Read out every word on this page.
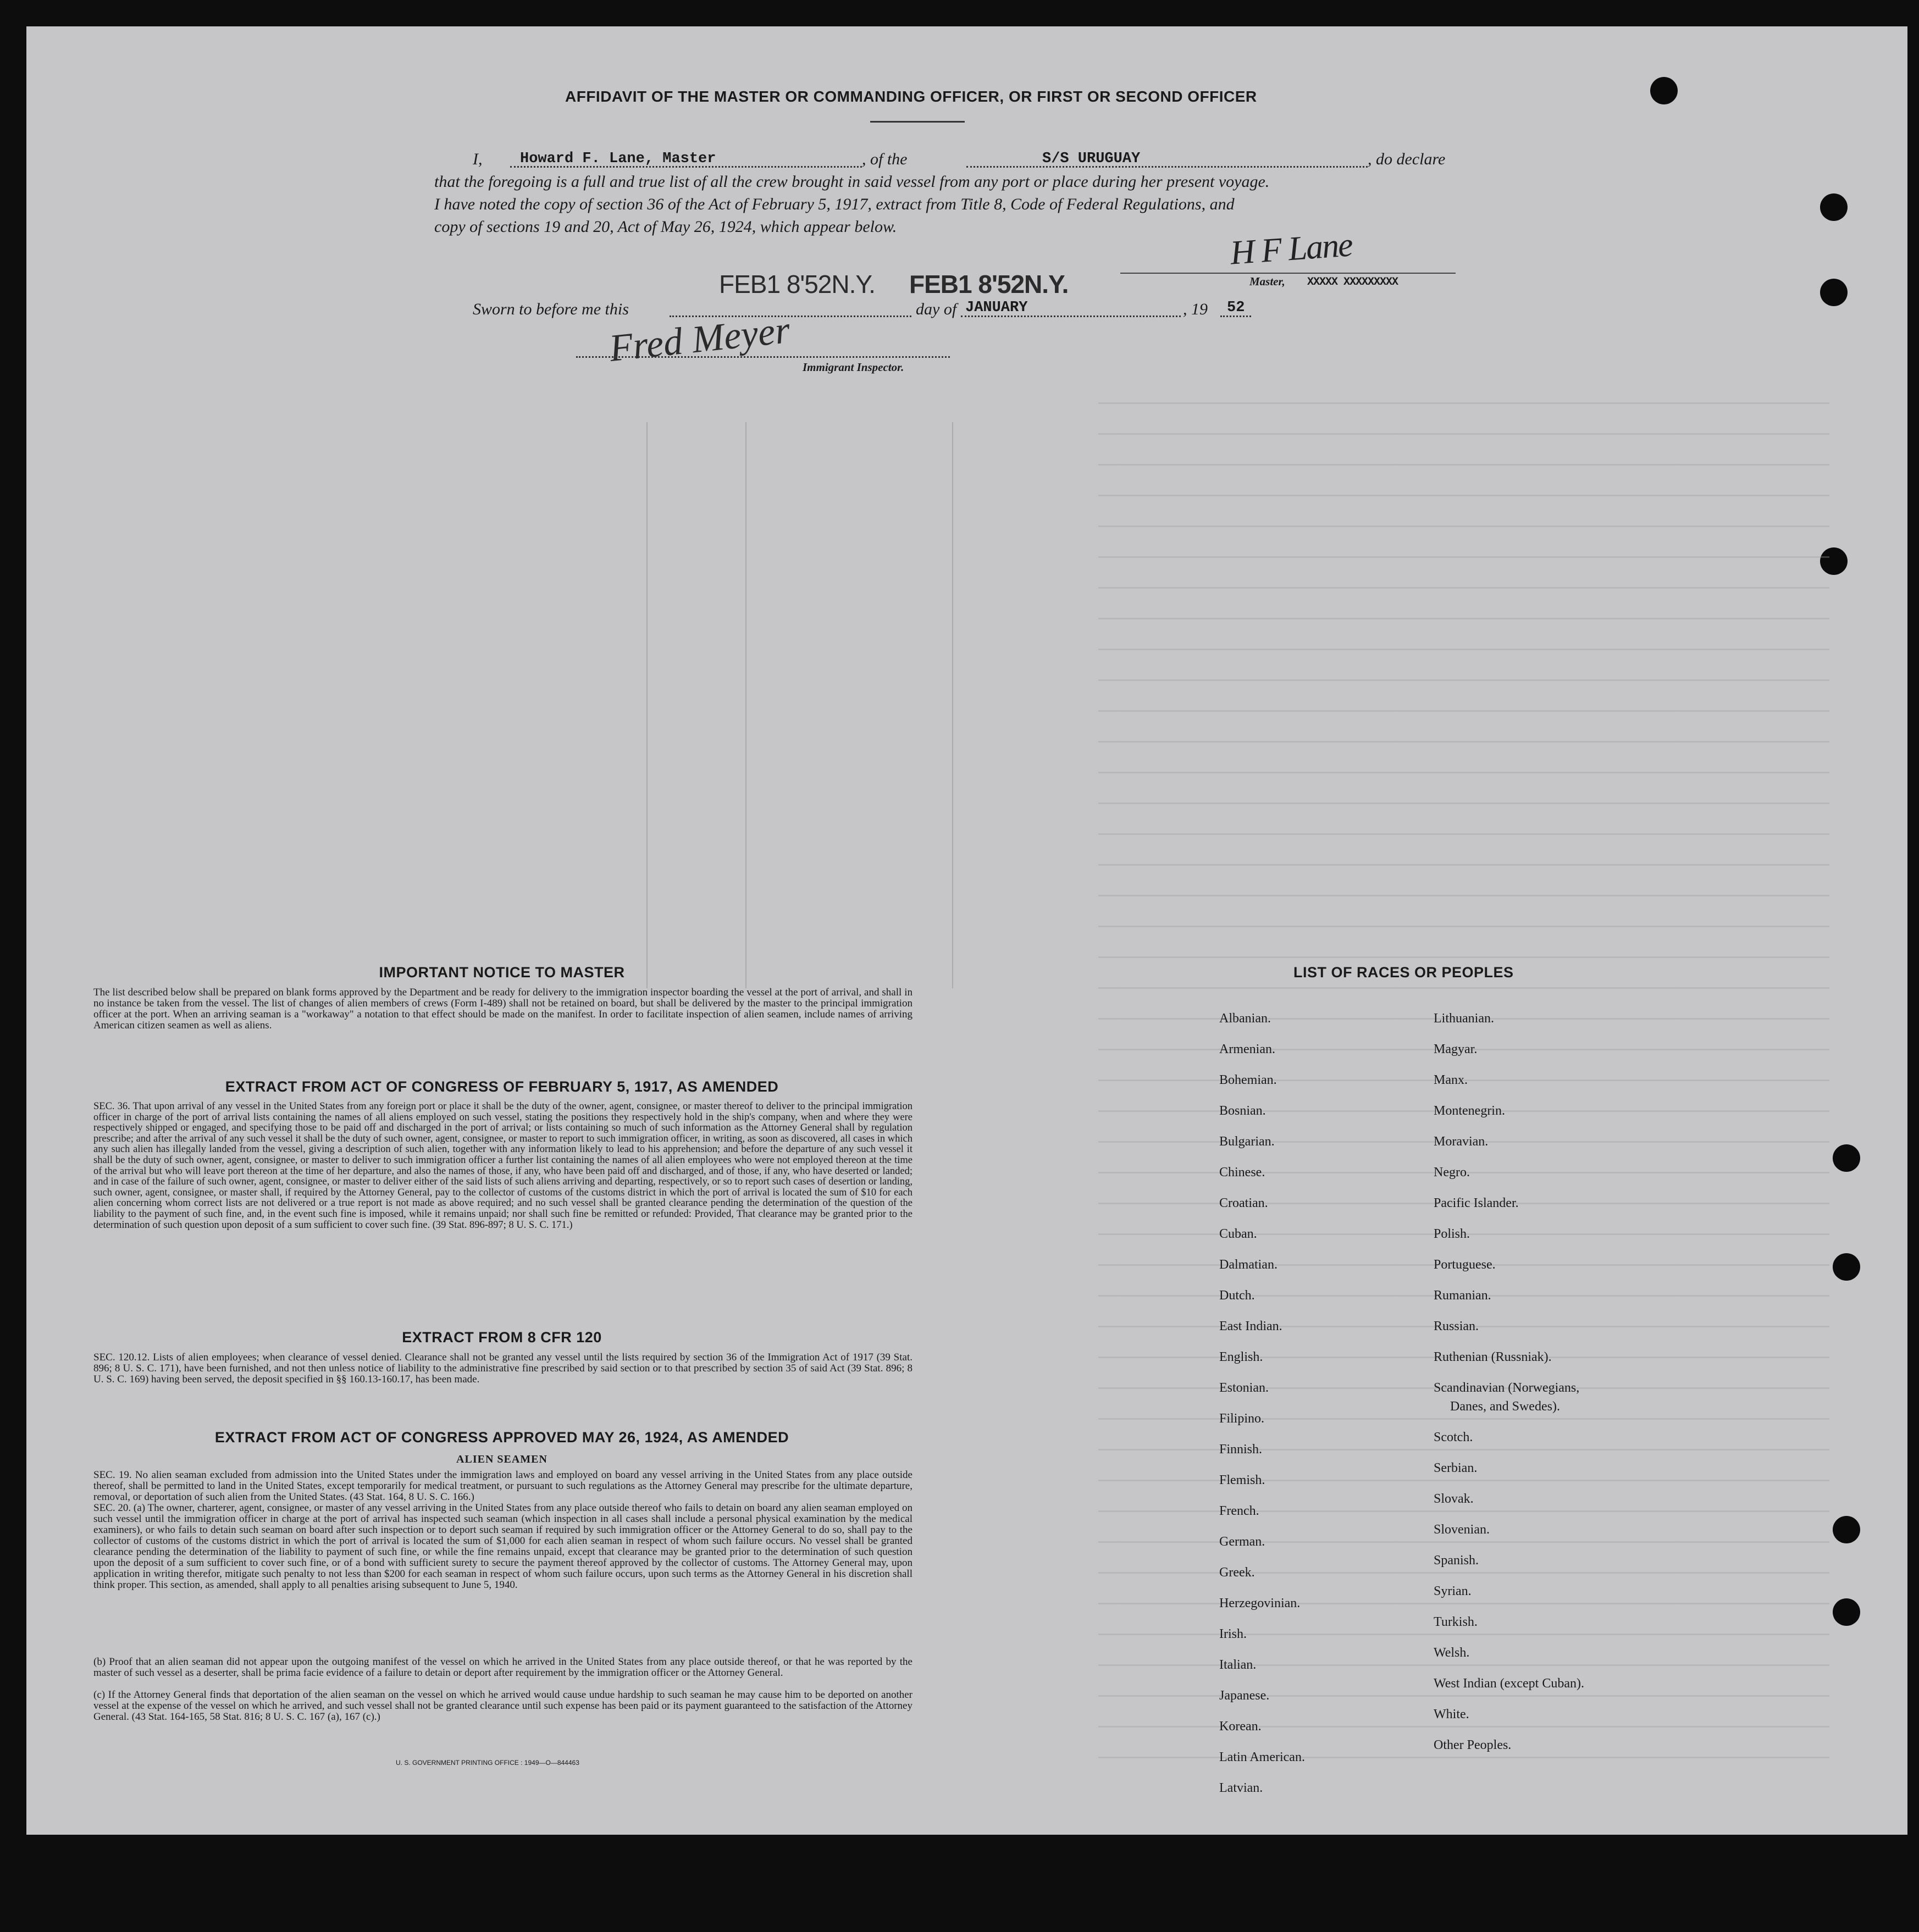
AFFIDAVIT OF THE MASTER OR COMMANDING OFFICER, OR FIRST OR SECOND OFFICER
I,	Howard F. Lane, Master	, of the	S/S URUGUAY	, do declare
that the foregoing is a full and true list of all the crew brought in said vessel from any port or place during her present voyage.
I have noted the copy of section 36 of the Act of February 5, 1917, extract from Title 8, Code of Federal Regulations, and
copy of sections 19 and 20, Act of May 26, 1924, which appear below.	H F Lane
Master, XXXXX XXXXXXXXX
Sworn to before me this
FEB1 8'52N.Y. FEB1 8'52N.Y.
day of JANUARY	, 19 52
Fred Meyer Immigrant Inspector.
IMPORTANT NOTICE TO MASTER
The list described below shall be prepared on blank forms approved by the Department and be ready for delivery to the immigration inspector boarding the vessel at the port of arrival, and shall in no instance be taken from the vessel. The list of changes of alien members of crews (Form I-489) shall not be retained on board, but shall be delivered by the master to the principal immigration officer at the port. When an arriving seaman is a "workaway" a notation to that effect should be made on the manifest. In order to facilitate inspection of alien seamen, include names of arriving American citizen seamen as well as aliens.
EXTRACT FROM ACT OF CONGRESS OF FEBRUARY 5, 1917, AS AMENDED
SEC. 36. That upon arrival of any vessel in the United States from any foreign port or place it shall be the duty of the owner, agent, consignee, or master thereof to deliver to the principal immigration officer in charge of the port of arrival lists containing the names of all aliens employed on such vessel, stating the positions they respectively hold in the ship's company, when and where they were respectively shipped or engaged, and specifying those to be paid off and discharged in the port of arrival; or lists containing so much of such information as the Attorney General shall by regulation prescribe; and after the arrival of any such vessel it shall be the duty of such owner, agent, consignee, or master to report to such immigration officer, in writing, as soon as discovered, all cases in which any such alien has illegally landed from the vessel, giving a description of such alien, together with any information likely to lead to his apprehension; and before the departure of any such vessel it shall be the duty of such owner, agent, consignee, or master to deliver to such immigration officer a further list containing the names of all alien employees who were not employed thereon at the time of the arrival but who will leave port thereon at the time of her departure, and also the names of those, if any, who have been paid off and discharged, and of those, if any, who have deserted or landed; and in case of the failure of such owner, agent, consignee, or master to deliver either of the said lists of such aliens arriving and departing, respectively, or so to report such cases of desertion or landing, such owner, agent, consignee, or master shall, if required by the Attorney General, pay to the collector of customs of the customs district in which the port of arrival is located the sum of $10 for each alien concerning whom correct lists are not delivered or a true report is not made as above required; and no such vessel shall be granted clearance pending the determination of the question of the liability to the payment of such fine, and, in the event such fine is imposed, while it remains unpaid; nor shall such fine be remitted or refunded: Provided, That clearance may be granted prior to the determination of such question upon deposit of a sum sufficient to cover such fine. (39 Stat. 896-897; 8 U. S. C. 171.)
EXTRACT FROM 8 CFR 120
SEC. 120.12. Lists of alien employees; when clearance of vessel denied. Clearance shall not be granted any vessel until the lists required by section 36 of the Immigration Act of 1917 (39 Stat. 896; 8 U. S. C. 171), have been furnished, and not then unless notice of liability to the administrative fine prescribed by said section or to that prescribed by section 35 of said Act (39 Stat. 896; 8 U. S. C. 169) having been served, the deposit specified in §§ 160.13-160.17, has been made.
EXTRACT FROM ACT OF CONGRESS APPROVED MAY 26, 1924, AS AMENDED
ALIEN SEAMEN
SEC. 19. No alien seaman excluded from admission into the United States under the immigration laws and employed on board any vessel arriving in the United States from any place outside thereof, shall be permitted to land in the United States, except temporarily for medical treatment, or pursuant to such regulations as the Attorney General may prescribe for the ultimate departure, removal, or deportation of such alien from the United States. (43 Stat. 164, 8 U. S. C. 166.)
SEC. 20. (a) The owner, charterer, agent, consignee, or master of any vessel arriving in the United States from any place outside thereof who fails to detain on board any alien seaman employed on such vessel until the immigration officer in charge at the port of arrival has inspected such seaman (which inspection in all cases shall include a personal physical examination by the medical examiners), or who fails to detain such seaman on board after such inspection or to deport such seaman if required by such immigration officer or the Attorney General to do so, shall pay to the collector of customs of the customs district in which the port of arrival is located the sum of $1,000 for each alien seaman in respect of whom such failure occurs. No vessel shall be granted clearance pending the determination of the liability to payment of such fine, or while the fine remains unpaid, except that clearance may be granted prior to the determination of such question upon the deposit of a sum sufficient to cover such fine, or of a bond with sufficient surety to secure the payment thereof approved by the collector of customs. The Attorney General may, upon application in writing therefor, mitigate such penalty to not less than $200 for each seaman in respect of whom such failure occurs, upon such terms as the Attorney General in his discretion shall think proper. This section, as amended, shall apply to all penalties arising subsequent to June 5, 1940.
(b) Proof that an alien seaman did not appear upon the outgoing manifest of the vessel on which he arrived in the United States from any place outside thereof, or that he was reported by the master of such vessel as a deserter, shall be prima facie evidence of a failure to detain or deport after requirement by the immigration officer or the Attorney General.
(c) If the Attorney General finds that deportation of the alien seaman on the vessel on which he arrived would cause undue hardship to such seaman he may cause him to be deported on another vessel at the expense of the vessel on which he arrived, and such vessel shall not be granted clearance until such expense has been paid or its payment guaranteed to the satisfaction of the Attorney General. (43 Stat. 164-165, 58 Stat. 816; 8 U. S. C. 167 (a), 167 (c).)
U. S. GOVERNMENT PRINTING OFFICE : 1949—O—844463
LIST OF RACES OR PEOPLES
Albanian.
Armenian.
Bohemian.
Bosnian.
Bulgarian.
Chinese.
Croatian.
Cuban.
Dalmatian.
Dutch.
East Indian.
English.
Estonian.
Filipino.
Finnish.
Flemish.
French.
German.
Greek.
Herzegovinian.
Irish.
Italian.
Japanese.
Korean.
Latin American.
Latvian.
Lithuanian.
Magyar.
Manx.
Montenegrin.
Moravian.
Negro.
Pacific Islander.
Polish.
Portuguese.
Rumanian.
Russian.
Ruthenian (Russniak).
Scandinavian (Norwegians,
Danes, and Swedes).
Scotch.
Serbian.
Slovak.
Slovenian.
Spanish.
Syrian.
Turkish.
Welsh.
West Indian (except Cuban).
White.
Other Peoples.
